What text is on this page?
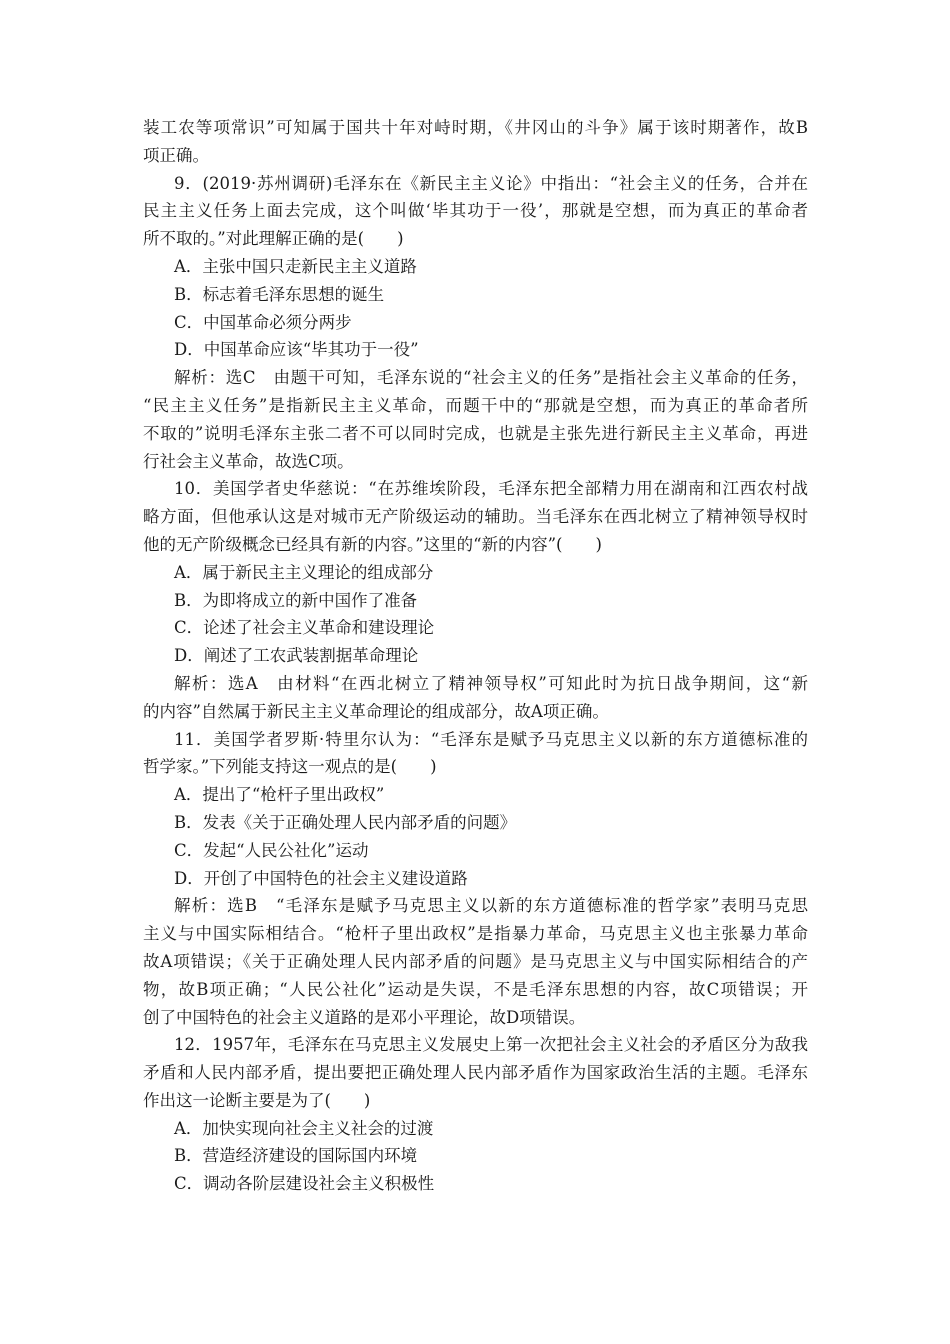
装工农等项常识”可知属于国共十年对峙时期，《井冈山的斗争》属于该时期著作，故B
项正确。
9．(2019·苏州调研)毛泽东在《新民主主义论》中指出：“社会主义的任务，合并在
民主主义任务上面去完成，这个叫做‘毕其功于一役’，那就是空想，而为真正的革命者
所不取的。”对此理解正确的是(　　)
A．主张中国只走新民主主义道路
B．标志着毛泽东思想的诞生
C．中国革命必须分两步
D．中国革命应该“毕其功于一役”
解析：选C　由题干可知，毛泽东说的“社会主义的任务”是指社会主义革命的任务，
“民主主义任务”是指新民主主义革命，而题干中的“那就是空想，而为真正的革命者所
不取的”说明毛泽东主张二者不可以同时完成，也就是主张先进行新民主主义革命，再进
行社会主义革命，故选C项。
10．美国学者史华慈说：“在苏维埃阶段，毛泽东把全部精力用在湖南和江西农村战
略方面，但他承认这是对城市无产阶级运动的辅助。当毛泽东在西北树立了精神领导权时
他的无产阶级概念已经具有新的内容。”这里的“新的内容”(　　)
A．属于新民主主义理论的组成部分
B．为即将成立的新中国作了准备
C．论述了社会主义革命和建设理论
D．阐述了工农武装割据革命理论
解析：选A　由材料“在西北树立了精神领导权”可知此时为抗日战争期间，这“新
的内容”自然属于新民主主义革命理论的组成部分，故A项正确。
11．美国学者罗斯·特里尔认为：“毛泽东是赋予马克思主义以新的东方道德标准的
哲学家。”下列能支持这一观点的是(　　)
A．提出了“枪杆子里出政权”
B．发表《关于正确处理人民内部矛盾的问题》
C．发起“人民公社化”运动
D．开创了中国特色的社会主义建设道路
解析：选B　“毛泽东是赋予马克思主义以新的东方道德标准的哲学家”表明马克思
主义与中国实际相结合。“枪杆子里出政权”是指暴力革命，马克思主义也主张暴力革命
故A项错误；《关于正确处理人民内部矛盾的问题》是马克思主义与中国实际相结合的产
物，故B项正确；“人民公社化”运动是失误，不是毛泽东思想的内容，故C项错误；开
创了中国特色的社会主义道路的是邓小平理论，故D项错误。
12．1957年，毛泽东在马克思主义发展史上第一次把社会主义社会的矛盾区分为敌我
矛盾和人民内部矛盾，提出要把正确处理人民内部矛盾作为国家政治生活的主题。毛泽东
作出这一论断主要是为了(　　)
A．加快实现向社会主义社会的过渡
B．营造经济建设的国际国内环境
C．调动各阶层建设社会主义积极性
